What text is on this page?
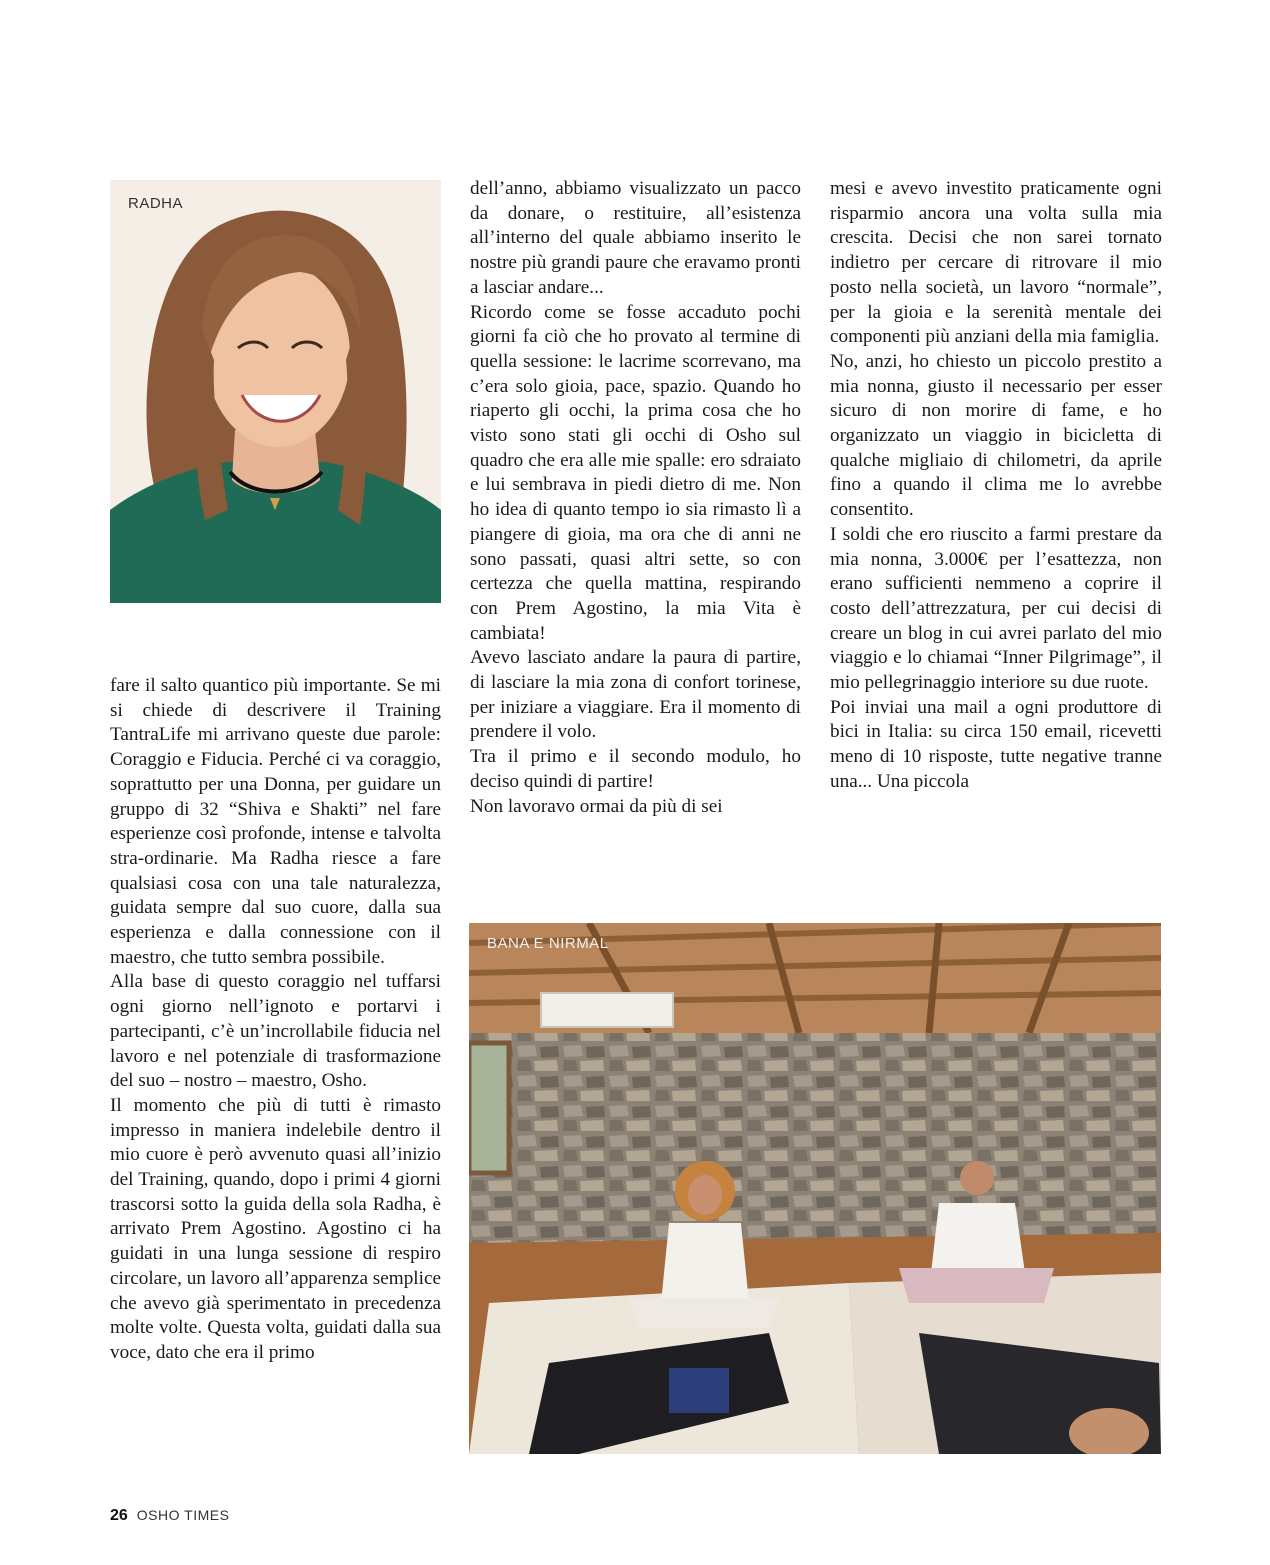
RADHA

fare il salto quantico più importante. Se mi si chiede di descrivere il Training TantraLife mi arrivano queste due parole: Coraggio e Fiducia. Perché ci va coraggio, soprattutto per una Donna, per guidare un gruppo di 32 “Shiva e Shakti” nel fare esperienze così profonde, intense e talvolta stra-ordinarie. Ma Radha riesce a fare qualsiasi cosa con una tale naturalezza, guidata sempre dal suo cuore, dalla sua esperienza e dalla connessione con il maestro, che tutto sembra possibile.

Alla base di questo coraggio nel tuffarsi ogni giorno nell’ignoto e portarvi i partecipanti, c’è un’incrollabile fiducia nel lavoro e nel potenziale di trasformazione del suo – nostro – maestro, Osho.

Il momento che più di tutti è rimasto impresso in maniera indelebile dentro il mio cuore è però avvenuto quasi all’inizio del Training, quando, dopo i primi 4 giorni trascorsi sotto la guida della sola Radha, è arrivato Prem Agostino. Agostino ci ha guidati in una lunga sessione di respiro circolare, un lavoro all’apparenza semplice che avevo già sperimentato in precedenza molte volte. Questa volta, guidati dalla sua voce, dato che era il primo

dell’anno, abbiamo visualizzato un pacco da donare, o restituire, all’esistenza all’interno del quale abbiamo inserito le nostre più grandi paure che eravamo pronti a lasciar andare...

Ricordo come se fosse accaduto pochi giorni fa ciò che ho provato al termine di quella sessione: le lacrime scorrevano, ma c’era solo gioia, pace, spazio. Quando ho riaperto gli occhi, la prima cosa che ho visto sono stati gli occhi di Osho sul quadro che era alle mie spalle: ero sdraiato e lui sembrava in piedi dietro di me. Non ho idea di quanto tempo io sia rimasto lì a piangere di gioia, ma ora che di anni ne sono passati, quasi altri sette, so con certezza che quella mattina, respirando con Prem Agostino, la mia Vita è cambiata!

Avevo lasciato andare la paura di partire, di lasciare la mia zona di confort torinese, per iniziare a viaggiare. Era il momento di prendere il volo.

Tra il primo e il secondo modulo, ho deciso quindi di partire!

Non lavoravo ormai da più di sei

mesi e avevo investito praticamente ogni risparmio ancora una volta sulla mia crescita. Decisi che non sarei tornato indietro per cercare di ritrovare il mio posto nella società, un lavoro “normale”, per la gioia e la serenità mentale dei componenti più anziani della mia famiglia.

No, anzi, ho chiesto un piccolo prestito a mia nonna, giusto il necessario per esser sicuro di non morire di fame, e ho organizzato un viaggio in bicicletta di qualche migliaio di chilometri, da aprile fino a quando il clima me lo avrebbe consentito.

I soldi che ero riuscito a farmi prestare da mia nonna, 3.000€ per l’esattezza, non erano sufficienti nemmeno a coprire il costo dell’attrezzatura, per cui decisi di creare un blog in cui avrei parlato del mio viaggio e lo chiamai “Inner Pilgrimage”, il mio pellegrinaggio interiore su due ruote.

Poi inviai una mail a ogni produttore di bici in Italia: su circa 150 email, ricevetti meno di 10 risposte, tutte negative tranne una... Una piccola

BANA E NIRMAL
26 OSHO TIMES
